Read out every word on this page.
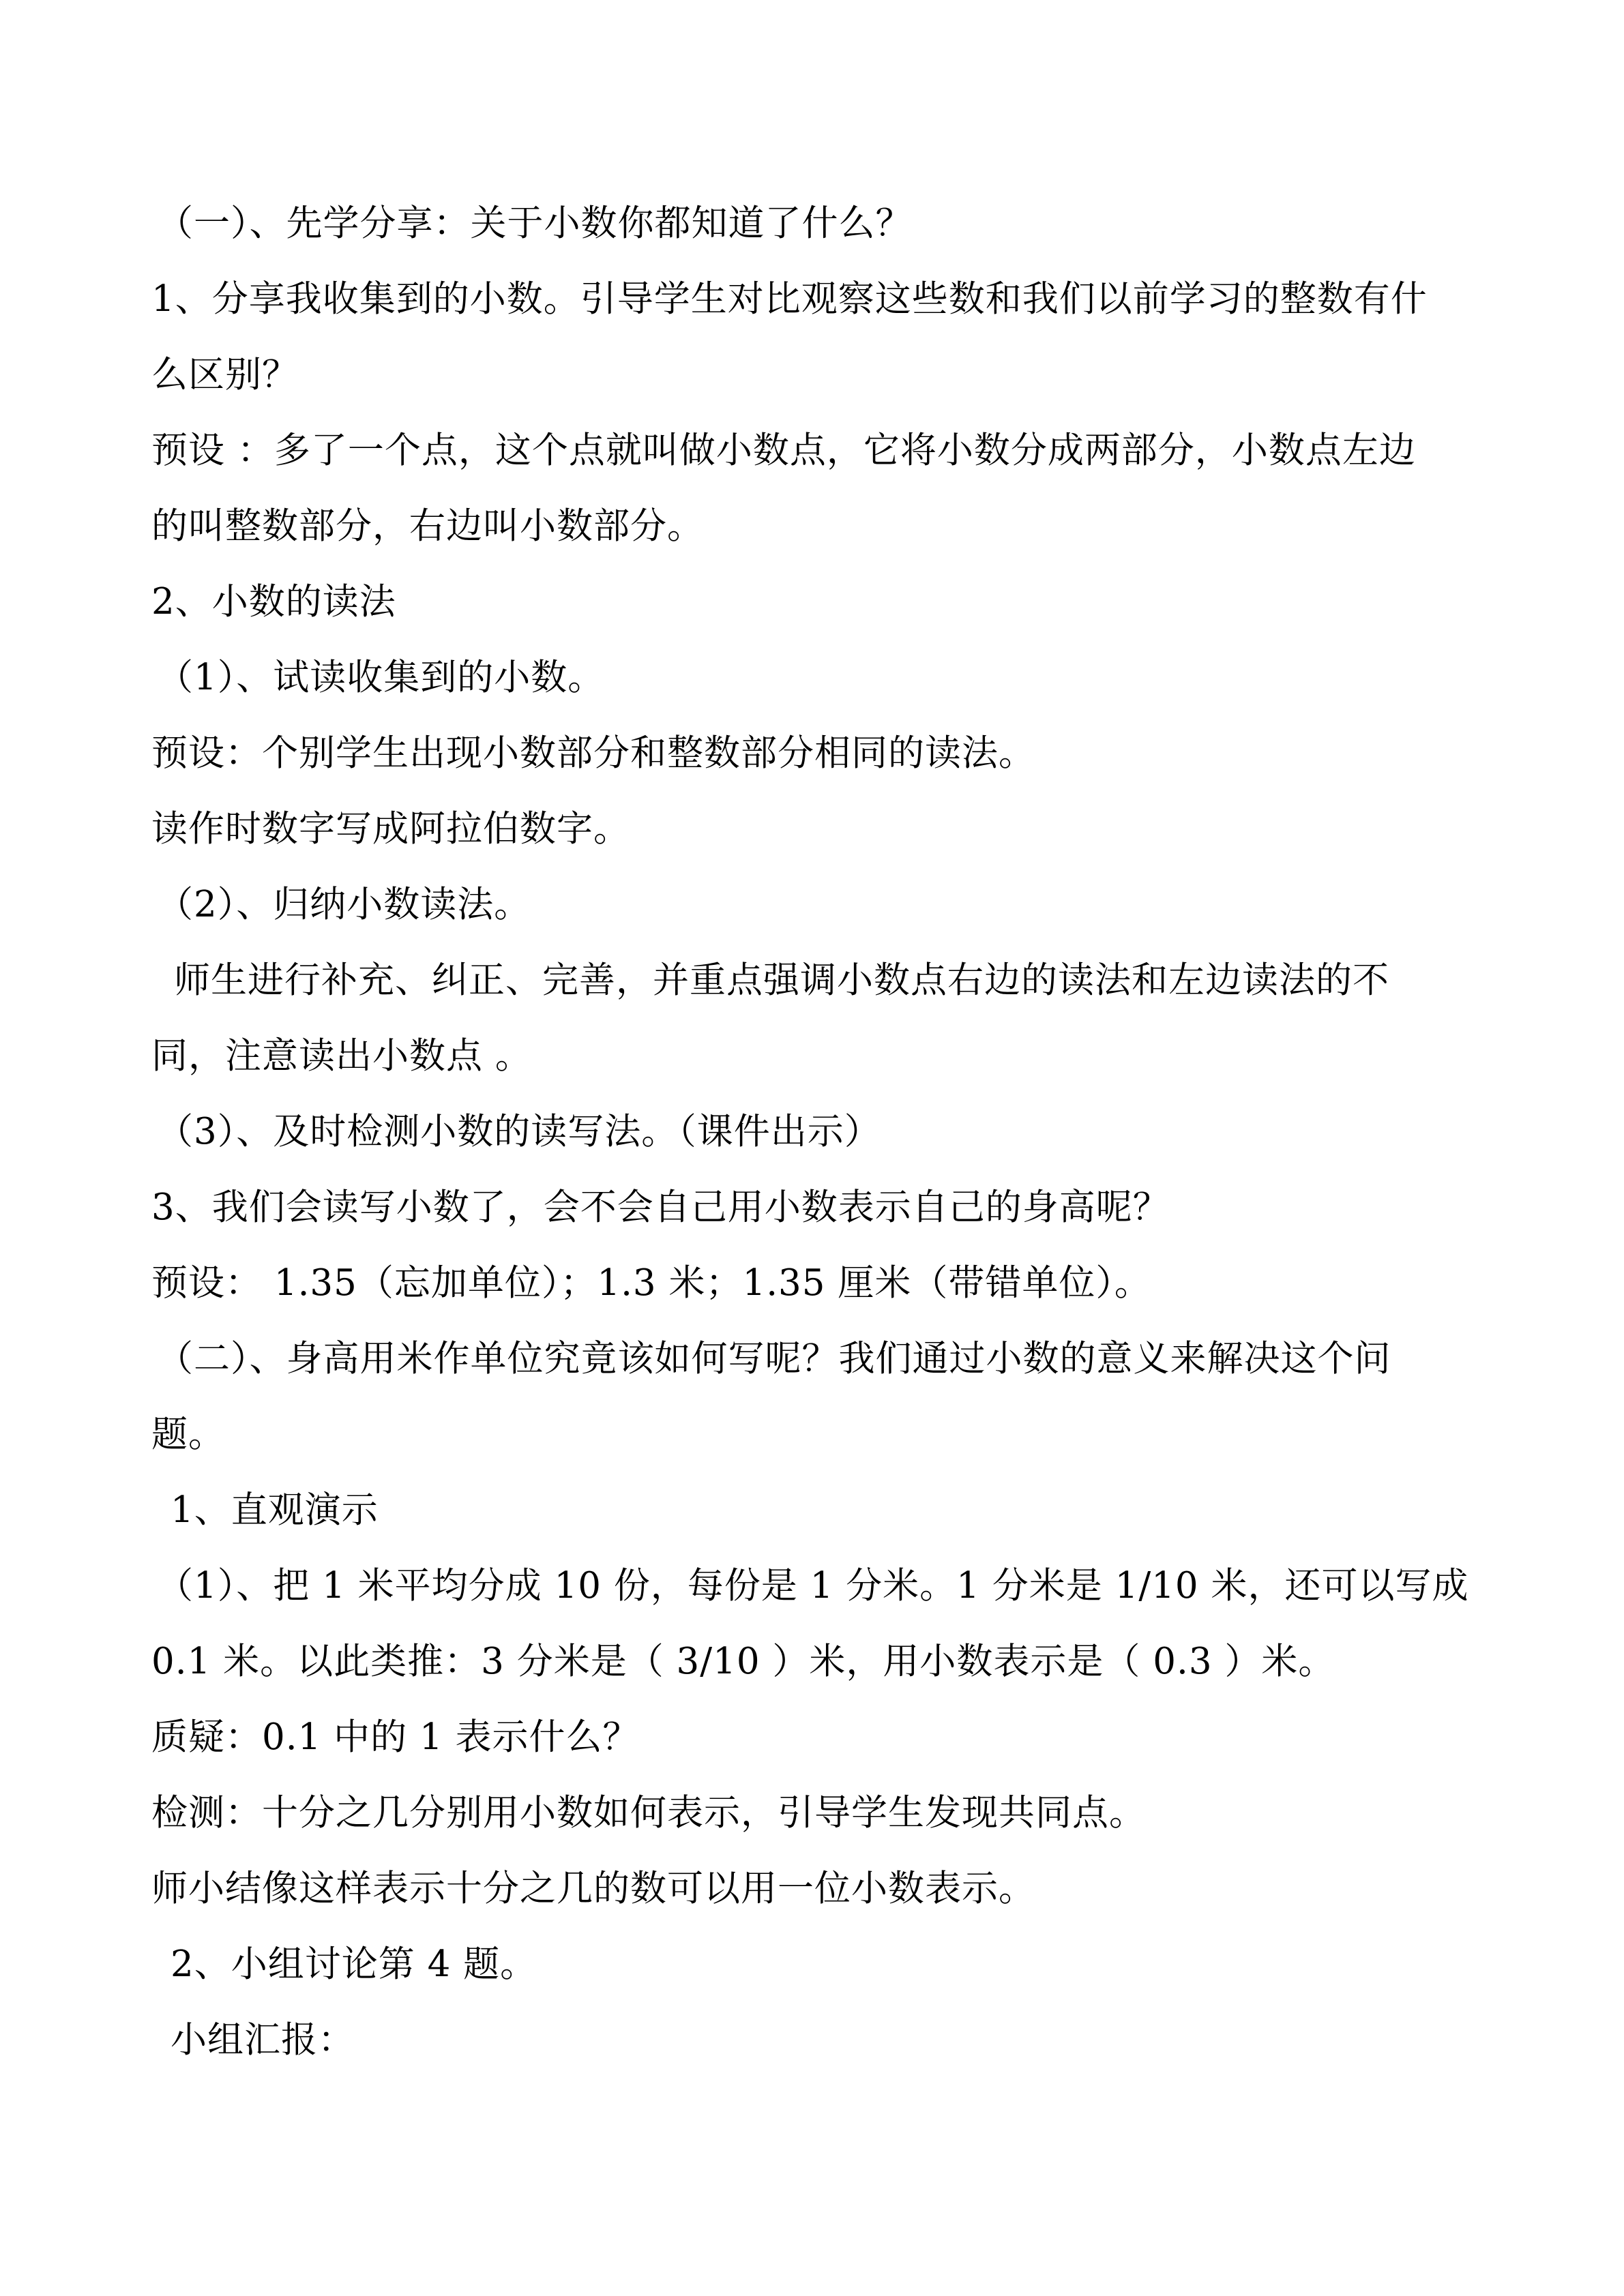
（一）、先学分享：关于小数你都知道了什么？
1、分享我收集到的小数。引导学生对比观察这些数和我们以前学习的整数有什
么区别？
预设 ：多了一个点，这个点就叫做小数点，它将小数分成两部分，小数点左边
的叫整数部分，右边叫小数部分。
2、小数的读法
（1）、试读收集到的小数。
预设：个别学生出现小数部分和整数部分相同的读法。
读作时数字写成阿拉伯数字。
（2）、归纳小数读法。
师生进行补充、纠正、完善，并重点强调小数点右边的读法和左边读法的不
同，注意读出小数点 。
（3）、及时检测小数的读写法。（课件出示）
3、我们会读写小数了，会不会自己用小数表示自己的身高呢？
预设： 1.35（忘加单位）；1.3 米；1.35 厘米（带错单位）。
（二）、身高用米作单位究竟该如何写呢？我们通过小数的意义来解决这个问
题。
1、直观演示
（1）、把 1 米平均分成 10 份，每份是 1 分米。1 分米是 1/10 米，还可以写成
0.1 米。以此类推：3 分米是（ 3/10 ）米，用小数表示是（ 0.3 ）米。
质疑：0.1 中的 1 表示什么？
检测：十分之几分别用小数如何表示，引导学生发现共同点。
师小结像这样表示十分之几的数可以用一位小数表示。
2、小组讨论第 4 题。
小组汇报：
